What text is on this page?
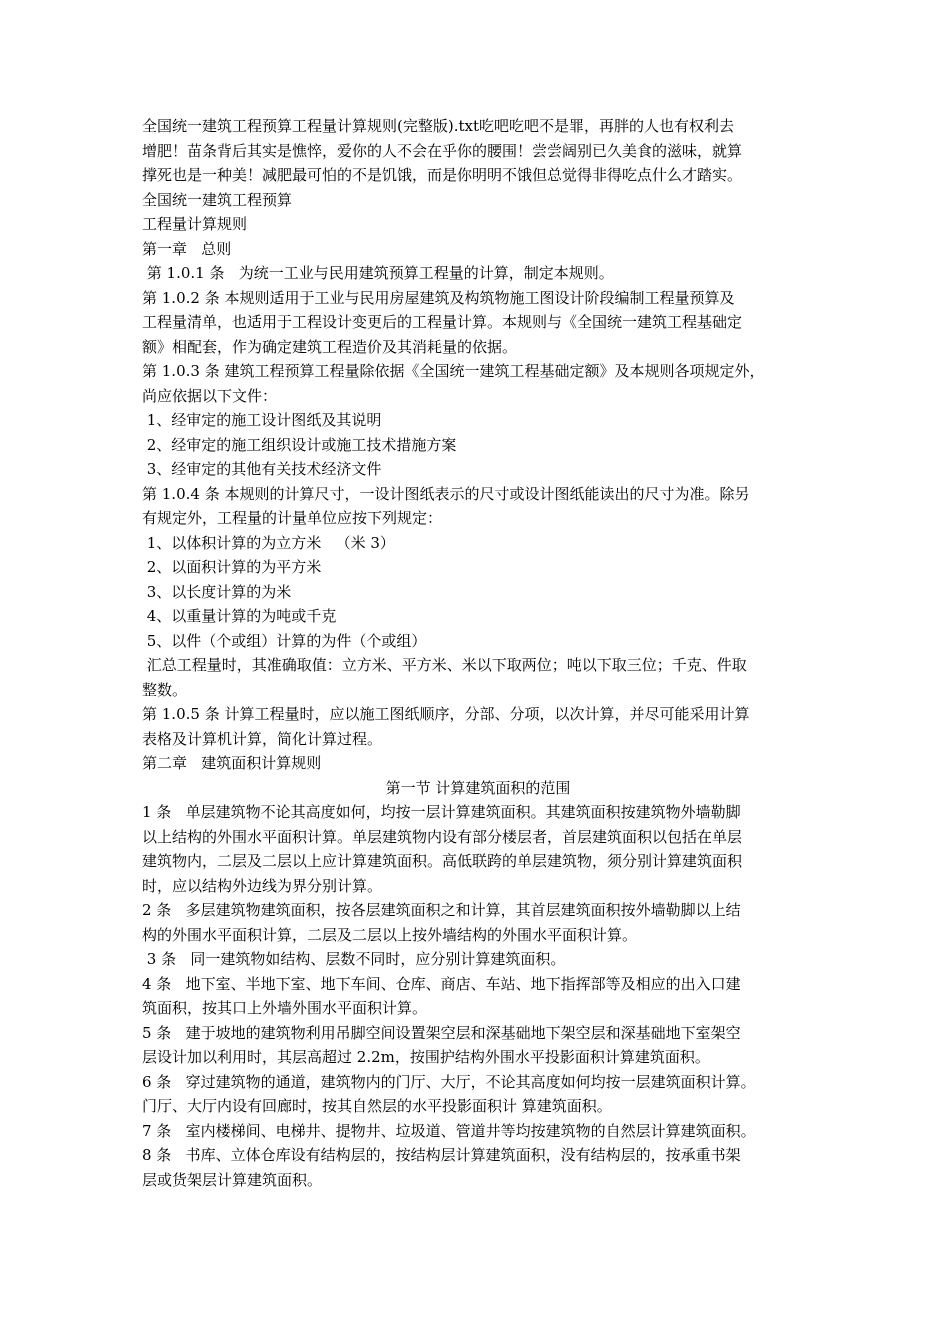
全国统一建筑工程预算工程量计算规则(完整版).txt吃吧吃吧不是罪，再胖的人也有权利去
增肥！苗条背后其实是憔悴，爱你的人不会在乎你的腰围！尝尝阔别已久美食的滋味，就算
撑死也是一种美！减肥最可怕的不是饥饿，而是你明明不饿但总觉得非得吃点什么才踏实。
全国统一建筑工程预算
工程量计算规则
第一章   总则
第 1.0.1 条   为统一工业与民用建筑预算工程量的计算，制定本规则。
第 1.0.2 条 本规则适用于工业与民用房屋建筑及构筑物施工图设计阶段编制工程量预算及
工程量清单，也适用于工程设计变更后的工程量计算。本规则与《全国统一建筑工程基础定
额》相配套，作为确定建筑工程造价及其消耗量的依据。
第 1.0.3 条 建筑工程预算工程量除依据《全国统一建筑工程基础定额》及本规则各项规定外，
尚应依据以下文件：
1、经审定的施工设计图纸及其说明
2、经审定的施工组织设计或施工技术措施方案
3、经审定的其他有关技术经济文件
第 1.0.4 条 本规则的计算尺寸，一设计图纸表示的尺寸或设计图纸能读出的尺寸为准。除另
有规定外，工程量的计量单位应按下列规定：
1、以体积计算的为立方米   （米 3）
2、以面积计算的为平方米
3、以长度计算的为米
4、以重量计算的为吨或千克
5、以件（个或组）计算的为件（个或组）
汇总工程量时，其准确取值：立方米、平方米、米以下取两位；吨以下取三位；千克、件取
整数。
第 1.0.5 条 计算工程量时，应以施工图纸顺序，分部、分项，以次计算，并尽可能采用计算
表格及计算机计算，简化计算过程。
第二章   建筑面积计算规则
第一节 计算建筑面积的范围
1 条   单层建筑物不论其高度如何，均按一层计算建筑面积。其建筑面积按建筑物外墙勒脚
以上结构的外围水平面积计算。单层建筑物内设有部分楼层者，首层建筑面积以包括在单层
建筑物内，二层及二层以上应计算建筑面积。高低联跨的单层建筑物，须分别计算建筑面积
时，应以结构外边线为界分别计算。
2 条   多层建筑物建筑面积，按各层建筑面积之和计算，其首层建筑面积按外墙勒脚以上结
构的外围水平面积计算，二层及二层以上按外墙结构的外围水平面积计算。
3 条   同一建筑物如结构、层数不同时，应分别计算建筑面积。
4 条   地下室、半地下室、地下车间、仓库、商店、车站、地下指挥部等及相应的出入口建
筑面积，按其口上外墙外围水平面积计算。
5 条   建于坡地的建筑物利用吊脚空间设置架空层和深基础地下架空层和深基础地下室架空
层设计加以利用时，其层高超过 2.2m，按围护结构外围水平投影面积计算建筑面积。
6 条   穿过建筑物的通道，建筑物内的门厅、大厅，不论其高度如何均按一层建筑面积计算。
门厅、大厅内设有回廊时，按其自然层的水平投影面积计 算建筑面积。
7 条   室内楼梯间、电梯井、提物井、垃圾道、管道井等均按建筑物的自然层计算建筑面积。
8 条   书库、立体仓库设有结构层的，按结构层计算建筑面积，没有结构层的，按承重书架
层或货架层计算建筑面积。
